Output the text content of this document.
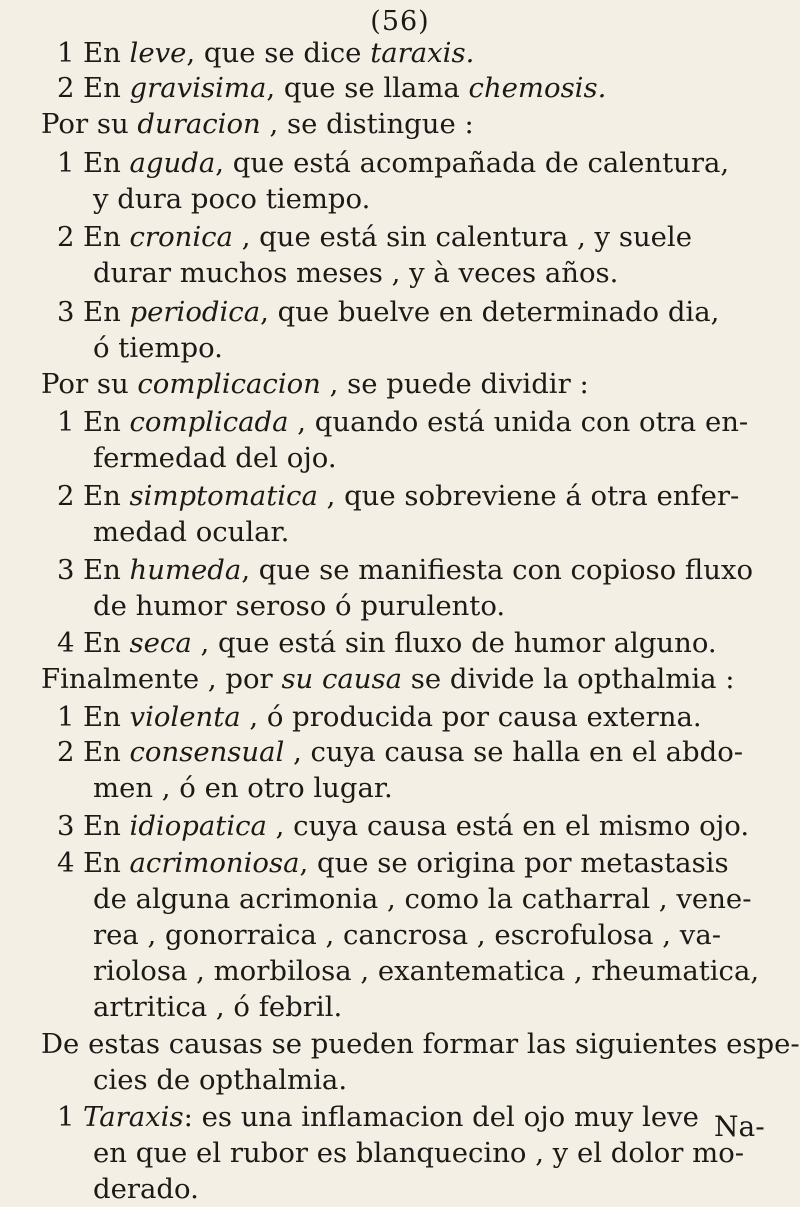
(56)
1 En leve, que se dice taraxis.
2 En gravisima, que se llama chemosis.
Por su duracion , se distingue :
1 En aguda, que está acompañada de calentura,
y dura poco tiempo.
2 En cronica , que está sin calentura , y suele
durar muchos meses , y à veces años.
3 En periodica, que buelve en determinado dia,
ó tiempo.
Por su complicacion , se puede dividir :
1 En complicada , quando está unida con otra en-
fermedad del ojo.
2 En simptomatica , que sobreviene á otra enfer-
medad ocular.
3 En humeda, que se manifiesta con copioso fluxo
de humor seroso ó purulento.
4 En seca , que está sin fluxo de humor alguno.
Finalmente , por su causa se divide la opthalmia :
1 En violenta , ó producida por causa externa.
2 En consensual , cuya causa se halla en el abdo-
men , ó en otro lugar.
3 En idiopatica , cuya causa está en el mismo ojo.
4 En acrimoniosa, que se origina por metastasis
de alguna acrimonia , como la catharral , vene-
rea , gonorraica , cancrosa , escrofulosa , va-
riolosa , morbilosa , exantematica , rheumatica,
artritica , ó febril.
De estas causas se pueden formar las siguientes espe-
cies de opthalmia.
1 Taraxis: es una inflamacion del ojo muy leve
en que el rubor es blanquecino , y el dolor mo-
derado.
Na-
